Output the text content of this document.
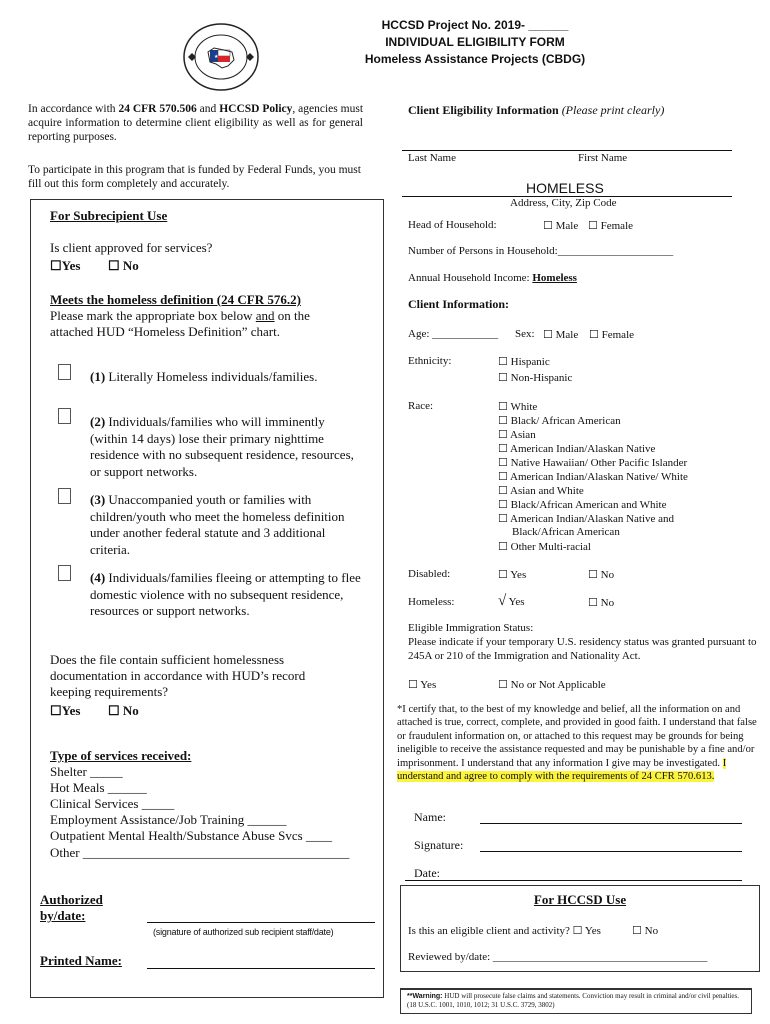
★
HCCSD Project No. 2019- ______
INDIVIDUAL ELIGIBILITY FORM
Homeless Assistance Projects (CBDG)
In accordance with 24 CFR 570.506 and HCCSD Policy, agencies must acquire information to determine client eligibility as well as for general reporting purposes.
To participate in this program that is funded by Federal Funds, you must fill out this form completely and accurately.
For Subrecipient Use
Is client approved for services?
☐Yes ☐ No
Meets the homeless definition (24 CFR 576.2)
Please mark the appropriate box below and on the
attached HUD “Homeless Definition” chart.
(1) Literally Homeless individuals/families.
(2) Individuals/families who will imminently (within 14 days) lose their primary nighttime residence with no subsequent residence, resources, or support networks.
(3) Unaccompanied youth or families with children/youth who meet the homeless definition under another federal statute and 3 additional criteria.
(4) Individuals/families fleeing or attempting to flee domestic violence with no subsequent residence, resources or support networks.
Does the file contain sufficient homelessness documentation in accordance with HUD’s record keeping requirements?
☐Yes ☐ No
Type of services received:
Shelter _____
Hot Meals ______
Clinical Services _____
Employment Assistance/Job Training ______
Outpatient Mental Health/Substance Abuse Svcs ____
Other _________________________________________
Authorized
by/date:
(signature of authorized sub recipient staff/date)
Printed Name:
Client Eligibility Information (Please print clearly)
Last Name	First Name
HOMELESS
Address, City, Zip Code
Head of Household:	☐ Male ☐ Female
Number of Persons in Household:_____________________
Annual Household Income: Homeless
Client Information:
Age: ____________ Sex: ☐ Male ☐ Female
Ethnicity:	☐ Hispanic
☐ Non-Hispanic
Race:	☐ White
☐ Black/ African American
☐ Asian
☐ American Indian/Alaskan Native
☐ Native Hawaiian/ Other Pacific Islander
☐ American Indian/Alaskan Native/ White
☐ Asian and White
☐ Black/African American and White
☐ American Indian/Alaskan Native and
Black/African American
☐ Other Multi-racial
Disabled:	☐ Yes	☐ No
Homeless:	√ Yes	☐ No
Eligible Immigration Status:
Please indicate if your temporary U.S. residency status was granted pursuant to 245A or 210 of the Immigration and Nationality Act.
☐ Yes	☐ No or Not Applicable
*I certify that, to the best of my knowledge and belief, all the information on and attached is true, correct, complete, and provided in good faith. I understand that false or fraudulent information on, or attached to this request may be grounds for being ineligible to receive the assistance requested and may be punishable by a fine and/or imprisonment. I understand that any information I give may be investigated. I understand and agree to comply with the requirements of 24 CFR 570.613.
Name:
Signature:
Date:
For HCCSD Use
Is this an eligible client and activity? ☐ Yes	☐ No
Reviewed by/date: _______________________________________
**Warning: HUD will prosecute false claims and statements. Conviction may result in criminal and/or civil penalties. (18 U.S.C. 1001, 1010, 1012; 31 U.S.C. 3729, 3802)
